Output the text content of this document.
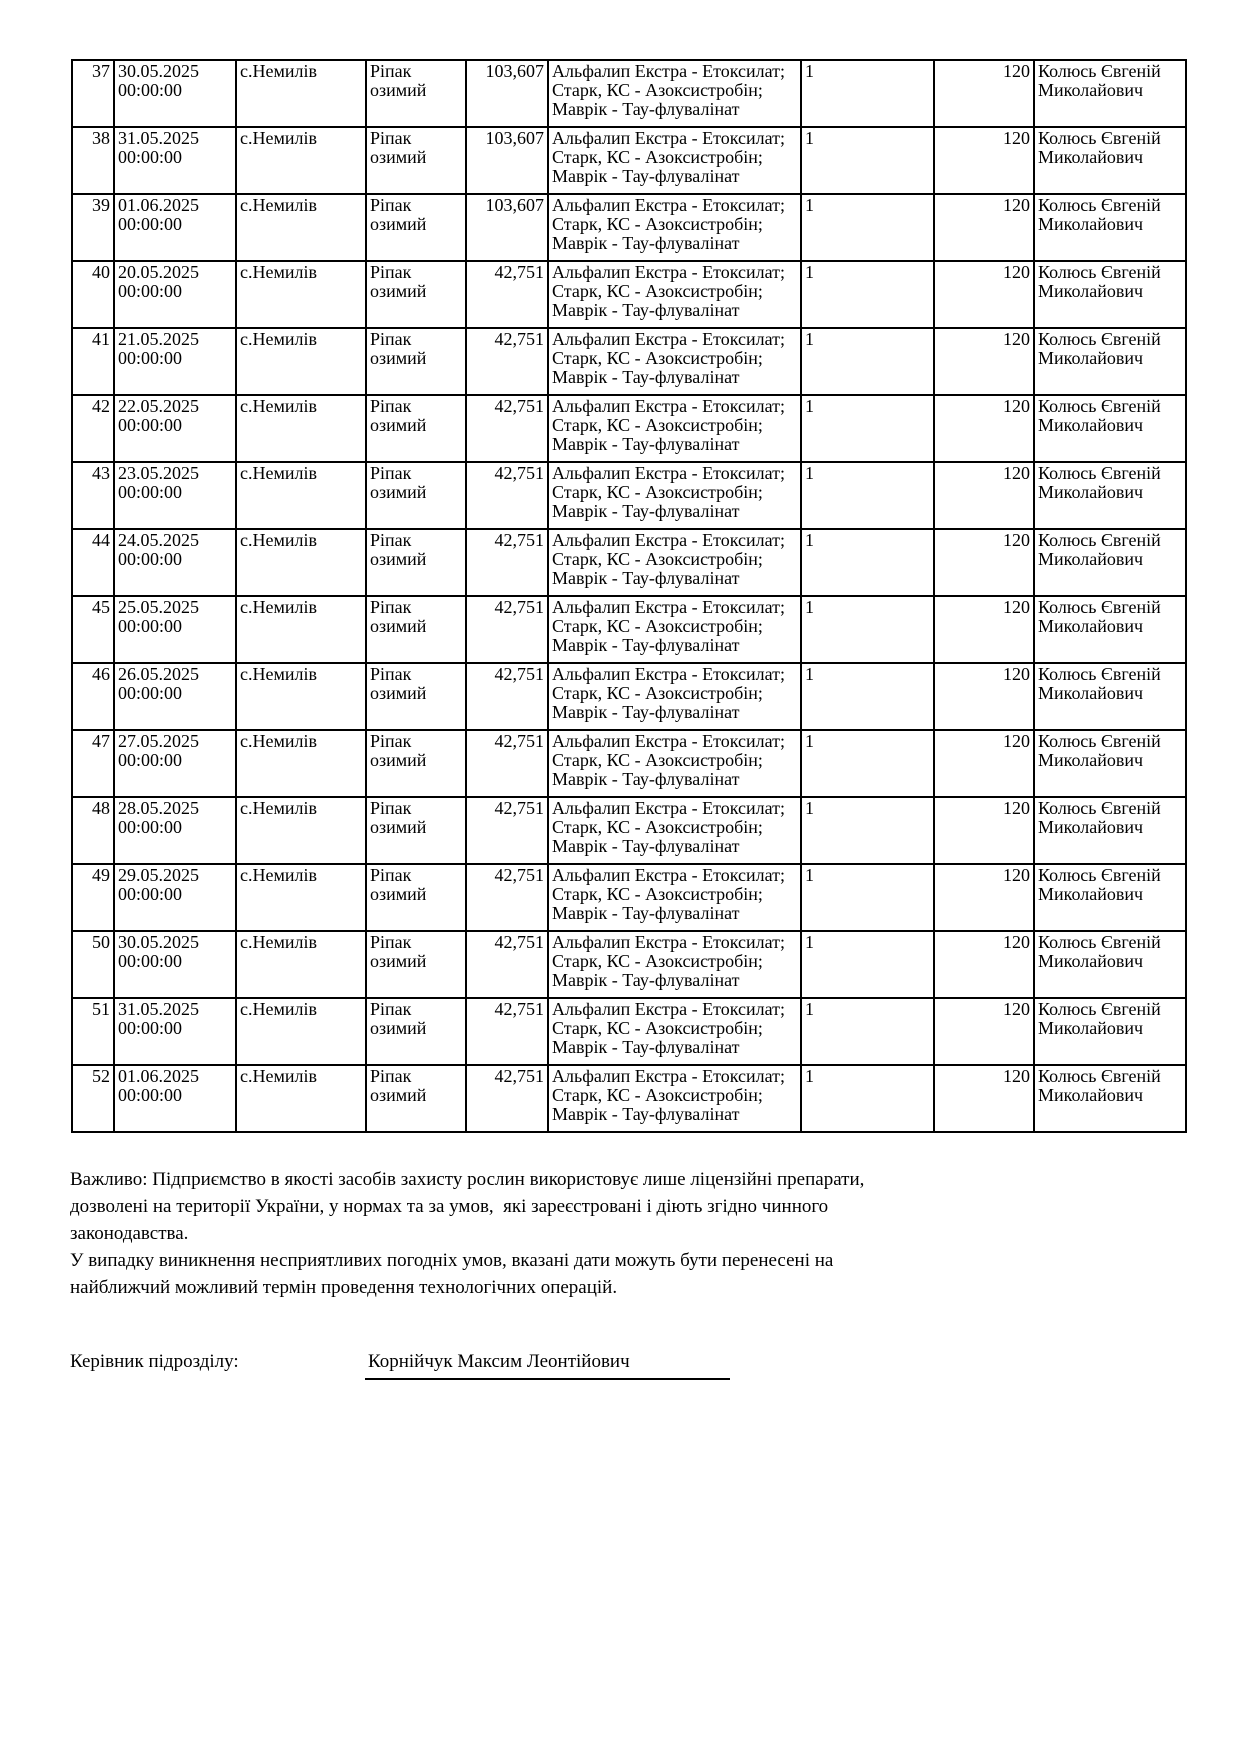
37	30.05.2025 00:00:00	с.Немилів	Ріпак озимий	103,607	Альфалип Екстра - Етоксилат; Старк, КС - Азоксистробін; Маврік - Тау-флувалінат	1	120	Колюсь Євгеній Миколайович
38	31.05.2025 00:00:00	с.Немилів	Ріпак озимий	103,607	Альфалип Екстра - Етоксилат; Старк, КС - Азоксистробін; Маврік - Тау-флувалінат	1	120	Колюсь Євгеній Миколайович
39	01.06.2025 00:00:00	с.Немилів	Ріпак озимий	103,607	Альфалип Екстра - Етоксилат; Старк, КС - Азоксистробін; Маврік - Тау-флувалінат	1	120	Колюсь Євгеній Миколайович
40	20.05.2025 00:00:00	с.Немилів	Ріпак озимий	42,751	Альфалип Екстра - Етоксилат; Старк, КС - Азоксистробін; Маврік - Тау-флувалінат	1	120	Колюсь Євгеній Миколайович
41	21.05.2025 00:00:00	с.Немилів	Ріпак озимий	42,751	Альфалип Екстра - Етоксилат; Старк, КС - Азоксистробін; Маврік - Тау-флувалінат	1	120	Колюсь Євгеній Миколайович
42	22.05.2025 00:00:00	с.Немилів	Ріпак озимий	42,751	Альфалип Екстра - Етоксилат; Старк, КС - Азоксистробін; Маврік - Тау-флувалінат	1	120	Колюсь Євгеній Миколайович
43	23.05.2025 00:00:00	с.Немилів	Ріпак озимий	42,751	Альфалип Екстра - Етоксилат; Старк, КС - Азоксистробін; Маврік - Тау-флувалінат	1	120	Колюсь Євгеній Миколайович
44	24.05.2025 00:00:00	с.Немилів	Ріпак озимий	42,751	Альфалип Екстра - Етоксилат; Старк, КС - Азоксистробін; Маврік - Тау-флувалінат	1	120	Колюсь Євгеній Миколайович
45	25.05.2025 00:00:00	с.Немилів	Ріпак озимий	42,751	Альфалип Екстра - Етоксилат; Старк, КС - Азоксистробін; Маврік - Тау-флувалінат	1	120	Колюсь Євгеній Миколайович
46	26.05.2025 00:00:00	с.Немилів	Ріпак озимий	42,751	Альфалип Екстра - Етоксилат; Старк, КС - Азоксистробін; Маврік - Тау-флувалінат	1	120	Колюсь Євгеній Миколайович
47	27.05.2025 00:00:00	с.Немилів	Ріпак озимий	42,751	Альфалип Екстра - Етоксилат; Старк, КС - Азоксистробін; Маврік - Тау-флувалінат	1	120	Колюсь Євгеній Миколайович
48	28.05.2025 00:00:00	с.Немилів	Ріпак озимий	42,751	Альфалип Екстра - Етоксилат; Старк, КС - Азоксистробін; Маврік - Тау-флувалінат	1	120	Колюсь Євгеній Миколайович
49	29.05.2025 00:00:00	с.Немилів	Ріпак озимий	42,751	Альфалип Екстра - Етоксилат; Старк, КС - Азоксистробін; Маврік - Тау-флувалінат	1	120	Колюсь Євгеній Миколайович
50	30.05.2025 00:00:00	с.Немилів	Ріпак озимий	42,751	Альфалип Екстра - Етоксилат; Старк, КС - Азоксистробін; Маврік - Тау-флувалінат	1	120	Колюсь Євгеній Миколайович
51	31.05.2025 00:00:00	с.Немилів	Ріпак озимий	42,751	Альфалип Екстра - Етоксилат; Старк, КС - Азоксистробін; Маврік - Тау-флувалінат	1	120	Колюсь Євгеній Миколайович
52	01.06.2025 00:00:00	с.Немилів	Ріпак озимий	42,751	Альфалип Екстра - Етоксилат; Старк, КС - Азоксистробін; Маврік - Тау-флувалінат	1	120	Колюсь Євгеній Миколайович
Важливо: Підприємство в якості засобів захисту рослин використовує лише ліцензійні препарати,
дозволені на території України, у нормах та за умов,  які зареєстровані і діють згідно чинного
законодавства.
У випадку виникнення несприятливих погодніх умов, вказані дати можуть бути перенесені на
найближчий можливий термін проведення технологічних операцій.
Керівник підрозділу:	Корнійчук Максим Леонтійович
